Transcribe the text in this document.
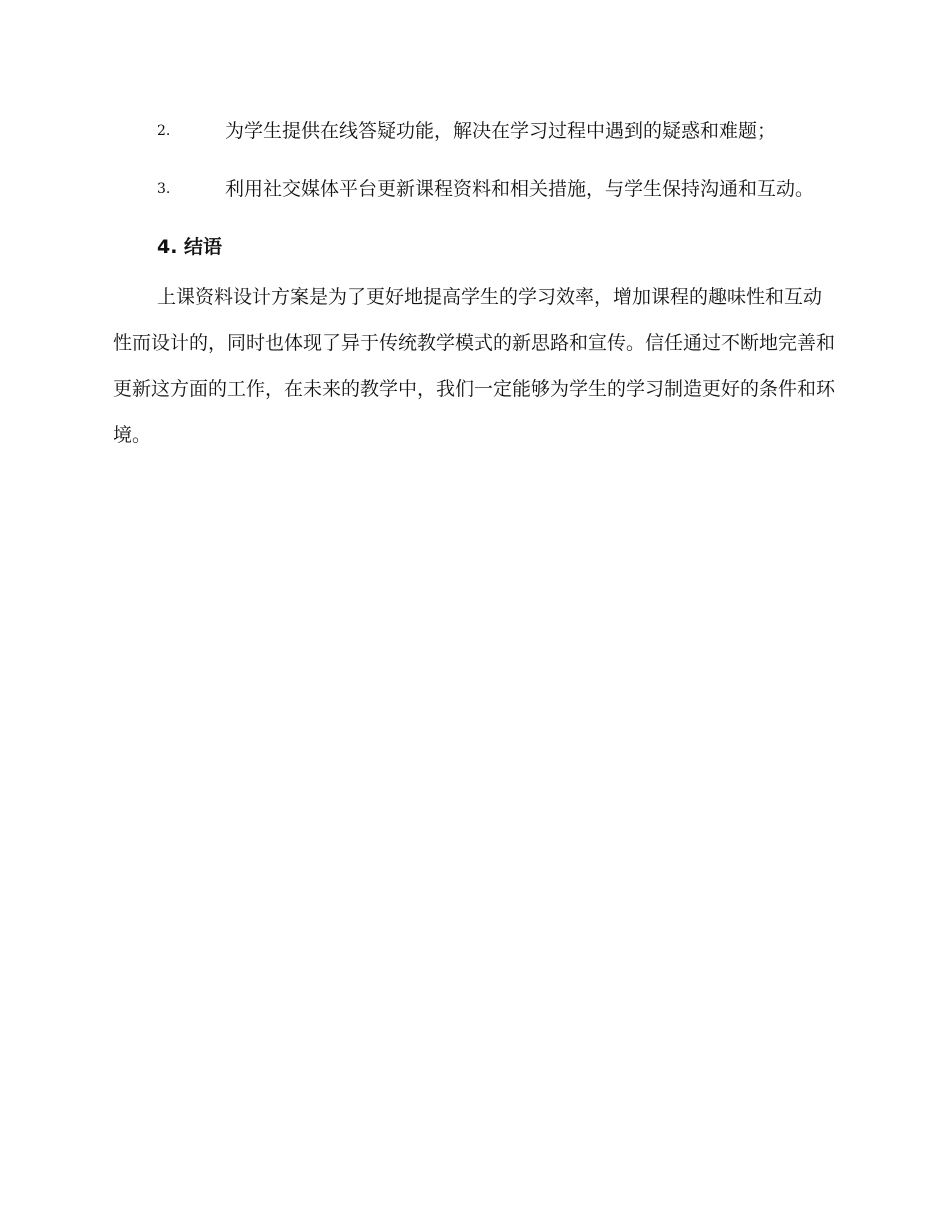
2.	为学生提供在线答疑功能，解决在学习过程中遇到的疑惑和难题；
3.	利用社交媒体平台更新课程资料和相关措施，与学生保持沟通和互动。
4. 结语

上课资料设计方案是为了更好地提高学生的学习效率，增加课程的趣味性和互动性而设计的，同时也体现了异于传统教学模式的新思路和宣传。信任通过不断地完善和更新这方面的工作，在未来的教学中，我们一定能够为学生的学习制造更好的条件和环境。
